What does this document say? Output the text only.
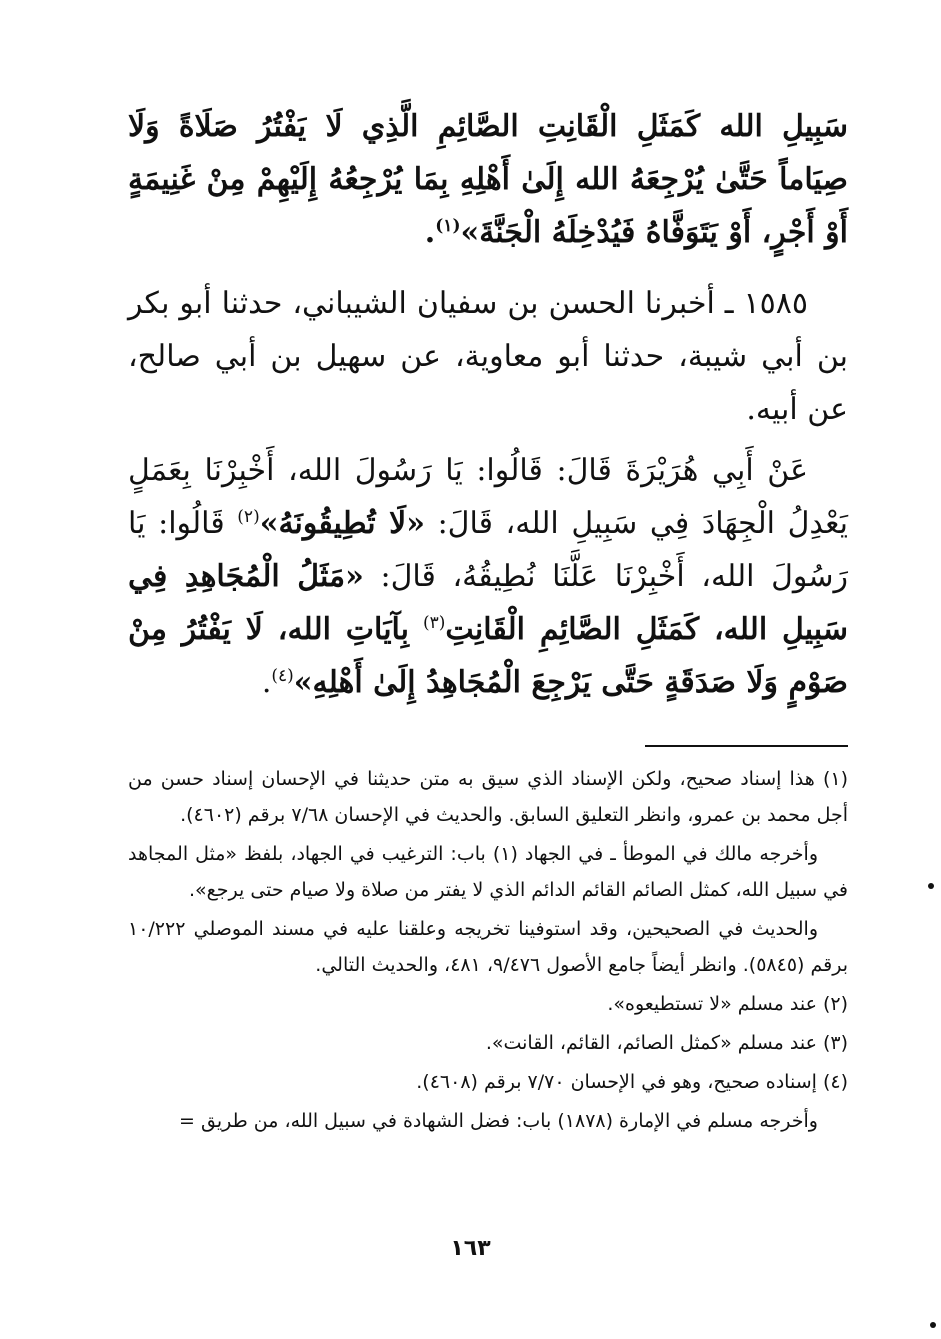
سَبِيلِ الله كَمَثَلِ الْقَانِتِ الصَّائِمِ الَّذِي لَا يَفْتُرُ صَلَاةً وَلَا صِيَاماً حَتَّىٰ يُرْجِعَهُ الله إِلَىٰ أَهْلِهِ بِمَا يُرْجِعُهُ إِلَيْهِمْ مِنْ غَنِيمَةٍ أَوْ أَجْرٍ، أَوْ يَتَوَفَّاهُ فَيُدْخِلَهُ الْجَنَّةَ»$^{(١)}$.

١٥٨٥ ـ أخبرنا الحسن بن سفيان الشيباني، حدثنا أبو بكر بن أبي شيبة، حدثنا أبو معاوية، عن سهيل بن أبي صالح، عن أبيه.

عَنْ أَبِي هُرَيْرَةَ قَالَ: قَالُوا: يَا رَسُولَ الله، أَخْبِرْنَا بِعَمَلٍ يَعْدِلُ الْجِهَادَ فِي سَبِيلِ الله، قَالَ: «لَا تُطِيقُونَهُ»$^{(٢)}$ قَالُوا: يَا رَسُولَ الله، أَخْبِرْنَا عَلَّنَا نُطِيقُهُ، قَالَ: «مَثَلُ الْمُجَاهِدِ فِي سَبِيلِ الله، كَمَثَلِ الصَّائِمِ الْقَانِتِ$^{(٣)}$ بِآيَاتِ الله، لَا يَفْتُرُ مِنْ صَوْمٍ وَلَا صَدَقَةٍ حَتَّى يَرْجِعَ الْمُجَاهِدُ إِلَىٰ أَهْلِهِ»$^{(٤)}$.

(١) هذا إسناد صحيح، ولكن الإسناد الذي سيق به متن حديثنا في الإحسان إسناد حسن من أجل محمد بن عمرو، وانظر التعليق السابق. والحديث في الإحسان ٧/٦٨ برقم (٤٦٠٢).

وأخرجه مالك في الموطأ ـ في الجهاد (١) باب: الترغيب في الجهاد، بلفظ «مثل المجاهد في سبيل الله، كمثل الصائم القائم الدائم الذي لا يفتر من صلاة ولا صيام حتى يرجع».

والحديث في الصحيحين، وقد استوفينا تخريجه وعلقنا عليه في مسند الموصلي ١٠/٢٢٢ برقم (٥٨٤٥). وانظر أيضاً جامع الأصول ٩/٤٧٦، ٤٨١، والحديث التالي.

(٢) عند مسلم «لا تستطيعوه».

(٣) عند مسلم «كمثل الصائم، القائم، القانت».

(٤) إسناده صحيح، وهو في الإحسان ٧/٧٠ برقم (٤٦٠٨).

وأخرجه مسلم في الإمارة (١٨٧٨) باب: فضل الشهادة في سبيل الله، من طريق =

١٦٣
